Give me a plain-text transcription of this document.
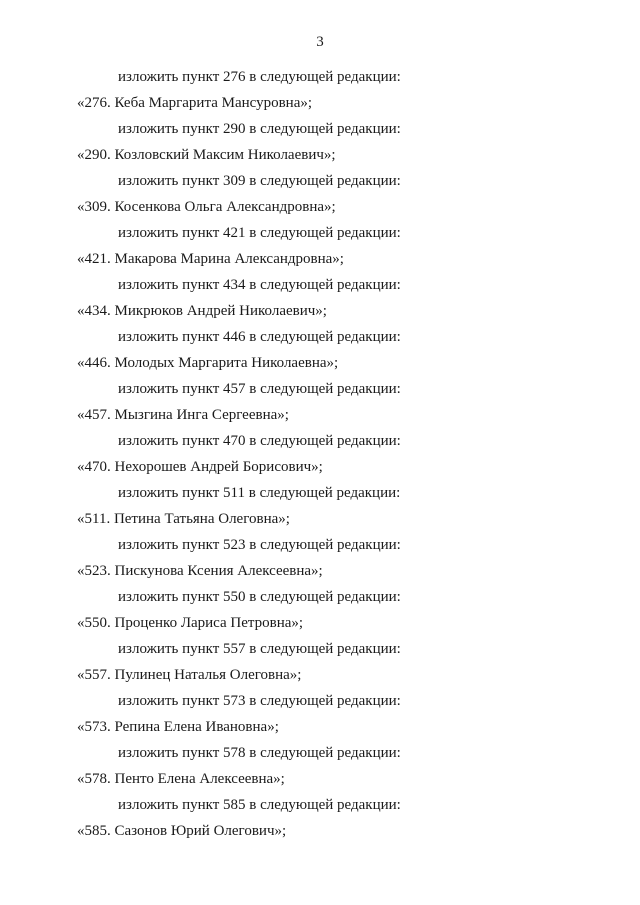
3
изложить пункт 276 в следующей редакции:
«276. Кеба Маргарита Мансуровна»;
изложить пункт 290 в следующей редакции:
«290. Козловский Максим Николаевич»;
изложить пункт 309 в следующей редакции:
«309. Косенкова Ольга Александровна»;
изложить пункт 421 в следующей редакции:
«421. Макарова Марина Александровна»;
изложить пункт 434 в следующей редакции:
«434. Микрюков Андрей Николаевич»;
изложить пункт 446 в следующей редакции:
«446. Молодых Маргарита Николаевна»;
изложить пункт 457 в следующей редакции:
«457. Мызгина Инга Сергеевна»;
изложить пункт 470 в следующей редакции:
«470. Нехорошев Андрей Борисович»;
изложить пункт 511 в следующей редакции:
«511. Петина Татьяна Олеговна»;
изложить пункт 523 в следующей редакции:
«523. Пискунова Ксения Алексеевна»;
изложить пункт 550 в следующей редакции:
«550. Проценко Лариса Петровна»;
изложить пункт 557 в следующей редакции:
«557. Пулинец Наталья Олеговна»;
изложить пункт 573 в следующей редакции:
«573. Репина Елена Ивановна»;
изложить пункт 578 в следующей редакции:
«578. Пенто Елена Алексеевна»;
изложить пункт 585 в следующей редакции:
«585. Сазонов Юрий Олегович»;
